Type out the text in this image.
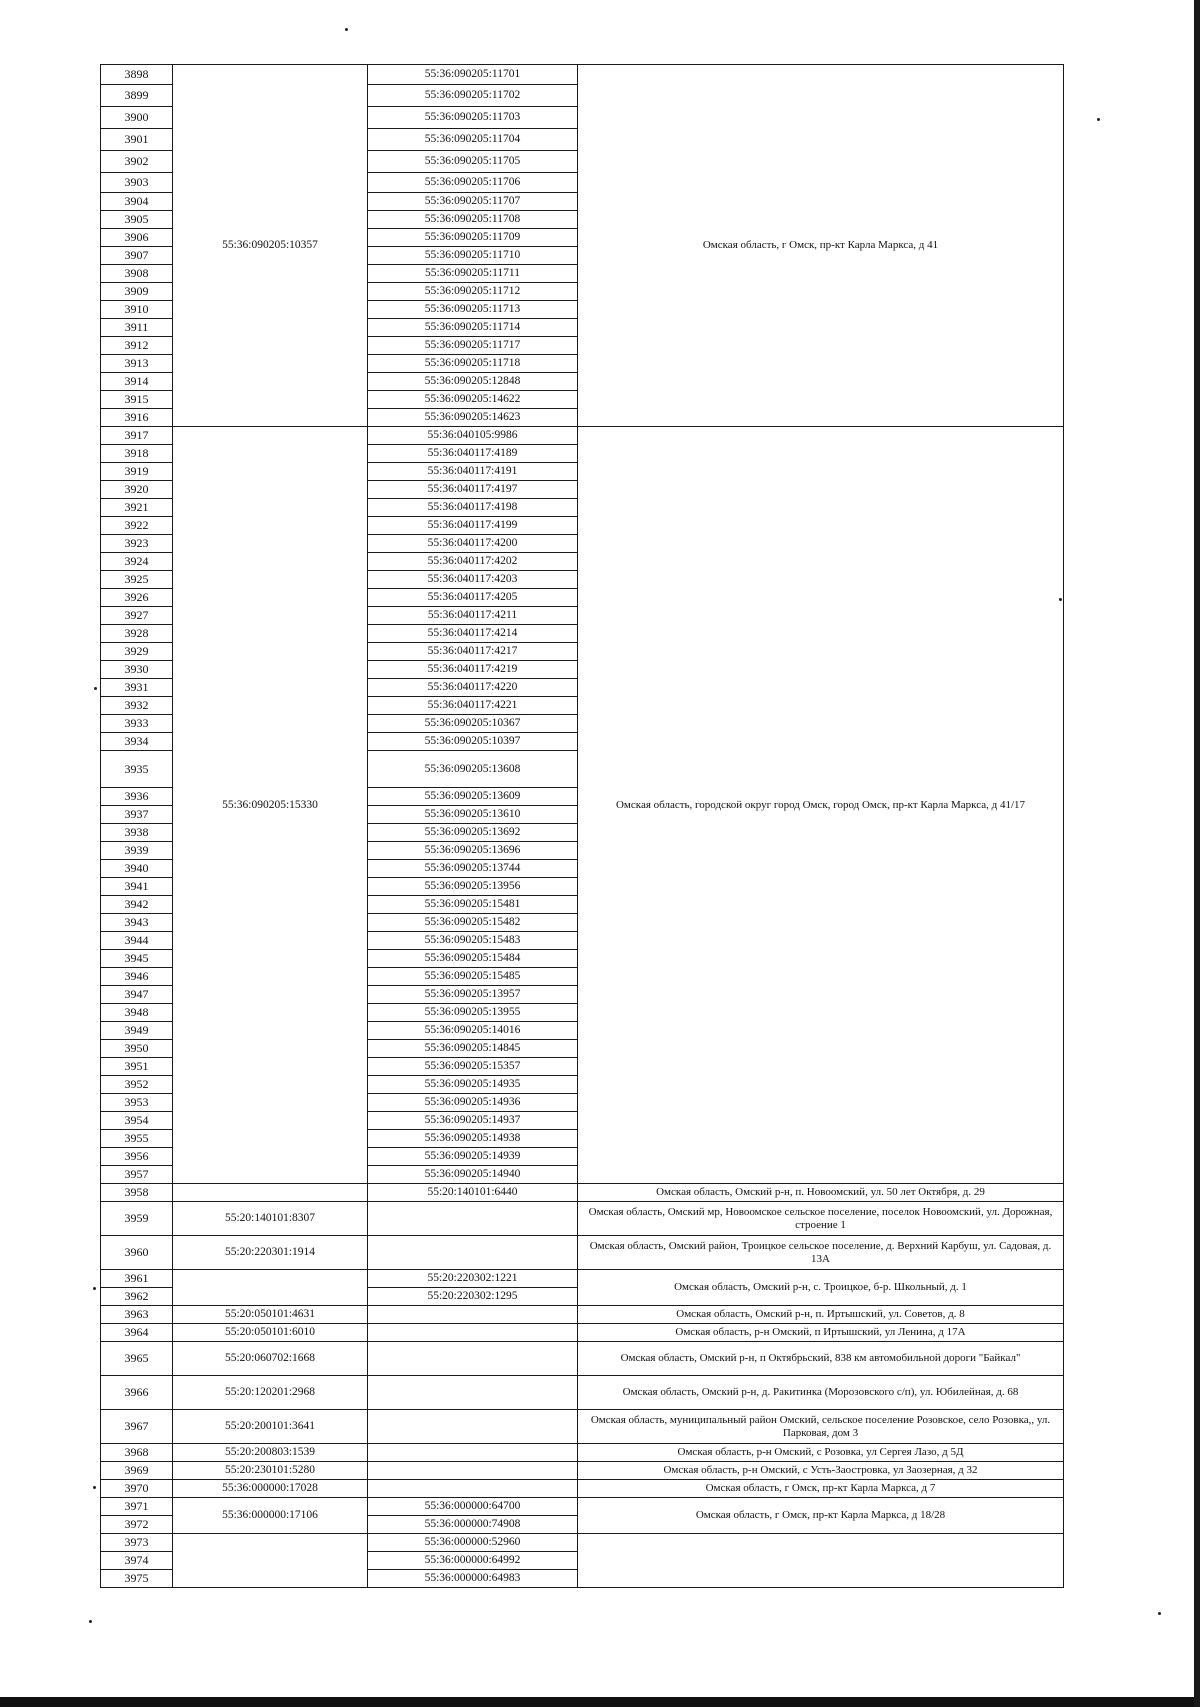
3898	55:36:090205:10357	55:36:090205:11701	Омская область, г Омск, пр-кт Карла Маркса, д 41
3899		55:36:090205:11702	
3900		55:36:090205:11703	
3901		55:36:090205:11704	
3902		55:36:090205:11705	
3903		55:36:090205:11706	
3904		55:36:090205:11707	
3905		55:36:090205:11708	
3906		55:36:090205:11709	
3907		55:36:090205:11710	
3908		55:36:090205:11711	
3909		55:36:090205:11712	
3910		55:36:090205:11713	
3911		55:36:090205:11714	
3912		55:36:090205:11717	
3913		55:36:090205:11718	
3914		55:36:090205:12848	
3915		55:36:090205:14622	
3916		55:36:090205:14623	
3917	55:36:090205:15330	55:36:040105:9986	Омская область, городской округ город Омск, город Омск, пр-кт Карла Маркса, д 41/17
3918		55:36:040117:4189	
3919		55:36:040117:4191	
3920		55:36:040117:4197	
3921		55:36:040117:4198	
3922		55:36:040117:4199	
3923		55:36:040117:4200	
3924		55:36:040117:4202	
3925		55:36:040117:4203	
3926		55:36:040117:4205	
3927		55:36:040117:4211	
3928		55:36:040117:4214	
3929		55:36:040117:4217	
3930		55:36:040117:4219	
3931		55:36:040117:4220	
3932		55:36:040117:4221	
3933		55:36:090205:10367	
3934		55:36:090205:10397	
3935		55:36:090205:13608	
3936		55:36:090205:13609	
3937		55:36:090205:13610	
3938		55:36:090205:13692	
3939		55:36:090205:13696	
3940		55:36:090205:13744	
3941		55:36:090205:13956	
3942		55:36:090205:15481	
3943		55:36:090205:15482	
3944		55:36:090205:15483	
3945		55:36:090205:15484	
3946		55:36:090205:15485	
3947		55:36:090205:13957	
3948		55:36:090205:13955	
3949		55:36:090205:14016	
3950		55:36:090205:14845	
3951		55:36:090205:15357	
3952		55:36:090205:14935	
3953		55:36:090205:14936	
3954		55:36:090205:14937	
3955		55:36:090205:14938	
3956		55:36:090205:14939	
3957		55:36:090205:14940	
3958		55:20:140101:6440	Омская область, Омский р-н, п. Новоомский, ул. 50 лет Октября, д. 29
3959	55:20:140101:8307		Омская область, Омский мр, Новоомское сельское поселение, поселок Новоомский, ул. Дорожная, строение 1
3960	55:20:220301:1914		Омская область, Омский район, Троицкое сельское поселение, д. Верхний Карбуш, ул. Садовая, д. 13А
3961		55:20:220302:1221	Омская область, Омский р-н, с. Троицкое, б-р. Школьный, д. 1
3962		55:20:220302:1295	
3963	55:20:050101:4631		Омская область, Омский р-н, п. Иртышский, ул. Советов, д. 8
3964	55:20:050101:6010		Омская область, р-н Омский, п Иртышский, ул Ленина, д 17А
3965	55:20:060702:1668		Омская область, Омский р-н, п Октябрьский, 838 км автомобильной дороги "Байкал"
3966	55:20:120201:2968		Омская область, Омский р-н, д. Ракитинка (Морозовского с/п), ул. Юбилейная, д. 68
3967	55:20:200101:3641		Омская область, муниципальный район Омский, сельское поселение Розовское, село Розовка,, ул. Парковая, дом 3
3968	55:20:200803:1539		Омская область, р-н Омский, с Розовка, ул Сергея Лазо, д 5Д
3969	55:20:230101:5280		Омская область, р-н Омский, с Усть-Заостровка, ул Заозерная, д 32
3970	55:36:000000:17028		Омская область, г Омск, пр-кт Карла Маркса, д 7
3971	55:36:000000:17106	55:36:000000:64700	Омская область, г Омск, пр-кт Карла Маркса, д 18/28
3972		55:36:000000:74908	
3973		55:36:000000:52960	
3974		55:36:000000:64992	
3975		55:36:000000:64983	
